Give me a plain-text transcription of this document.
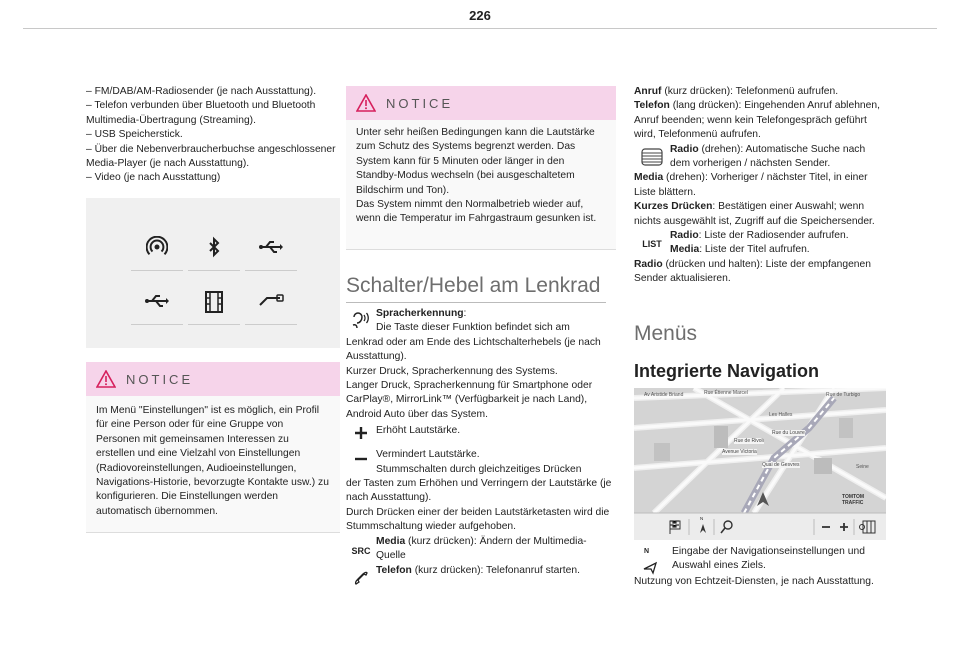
226
– FM/DAB/AM-Radiosender (je nach Ausstattung).
– Telefon verbunden über Bluetooth und Bluetooth Multimedia-Übertragung (Streaming).
– USB Speicherstick.
– Über die Nebenverbraucherbuchse angeschlossener Media-Player (je nach Ausstattung).
– Video (je nach Ausstattung)
NOTICE
Im Menü "Einstellungen" ist es möglich, ein Profil für eine Person oder für eine Gruppe von Personen mit gemeinsamen Interessen zu erstellen und eine Vielzahl von Einstellungen (Radiovoreinstellungen, Audioeinstellungen, Navigations-Historie, bevorzugte Kontakte usw.) zu konfigurieren. Die Einstellungen werden automatisch übernommen.
NOTICE
Unter sehr heißen Bedingungen kann die Lautstärke zum Schutz des Systems begrenzt werden. Das System kann für 5 Minuten oder länger in den Standby-Modus wechseln (bei ausgeschaltetem Bildschirm und Ton).
Das System nimmt den Normalbetrieb wieder auf, wenn die Temperatur im Fahrgastraum gesunken ist.
Schalter/Hebel am Lenkrad
Spracherkennung:
Die Taste dieser Funktion befindet sich am
Lenkrad oder am Ende des Lichtschalterhebels (je nach Ausstattung).
Kurzer Druck, Spracherkennung des Systems.
Langer Druck, Spracherkennung für Smartphone oder CarPlay®, MirrorLink™ (Verfügbarkeit je nach Land), Android Auto über das System.
Erhöht Lautstärke.
Vermindert Lautstärke.
Stummschalten durch gleichzeitiges Drücken
der Tasten zum Erhöhen und Verringern der Lautstärke (je nach Ausstattung).
Durch Drücken einer der beiden Lautstärketasten wird die Stummschaltung wieder aufgehoben.
SRC
Media (kurz drücken): Ändern der Multimedia-Quelle
Telefon (kurz drücken): Telefonanruf starten.
Anruf (kurz drücken): Telefonmenü aufrufen.
Telefon (lang drücken): Eingehenden Anruf ablehnen, Anruf beenden; wenn kein Telefongespräch geführt wird, Telefonmenü aufrufen.
Radio (drehen): Automatische Suche nach dem vorherigen / nächsten Sender.
Media (drehen): Vorheriger / nächster Titel, in einer Liste blättern.
Kurzes Drücken: Bestätigen einer Auswahl; wenn nichts ausgewählt ist, Zugriff auf die Speichersender.
LIST
Radio: Liste der Radiosender aufrufen.
Media: Liste der Titel aufrufen.
Radio (drücken und halten): Liste der empfangenen Sender aktualisieren.
Menüs
Integrierte Navigation
Av Aristide Briand	Rue Étienne Marcel	Rue de Turbigo
Les Halles
Rue du Louvre
Rue de Rivoli
Avenue Victoria
Quai de Gesvres	Seine
TOMTOM
TRAFFIC
N
N Eingabe der Navigationseinstellungen und
Auswahl eines Ziels.
Nutzung von Echtzeit-Diensten, je nach Ausstattung.
